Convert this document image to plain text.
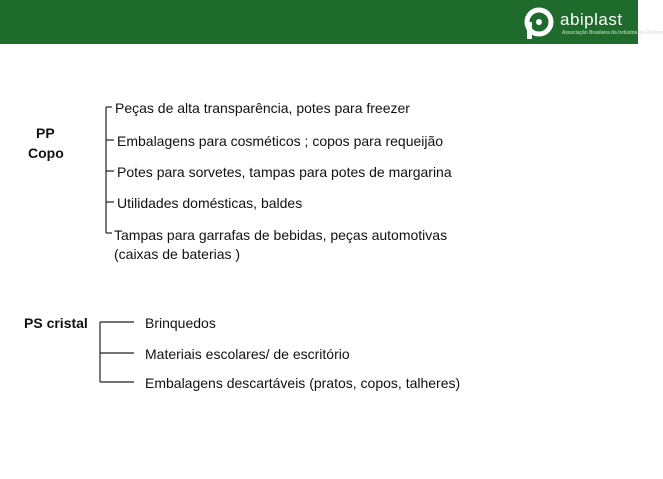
abiplast
Associação Brasileira da Indústria do Plástico
PP
Copo
Peças de alta transparência, potes para freezer
Embalagens para cosméticos ; copos para requeijão
Potes para sorvetes, tampas para potes de margarina
Utilidades domésticas, baldes
Tampas para garrafas de bebidas, peças automotivas
(caixas de baterias )
PS cristal	Brinquedos
Materiais escolares/ de escritório
Embalagens descartáveis (pratos, copos, talheres)
